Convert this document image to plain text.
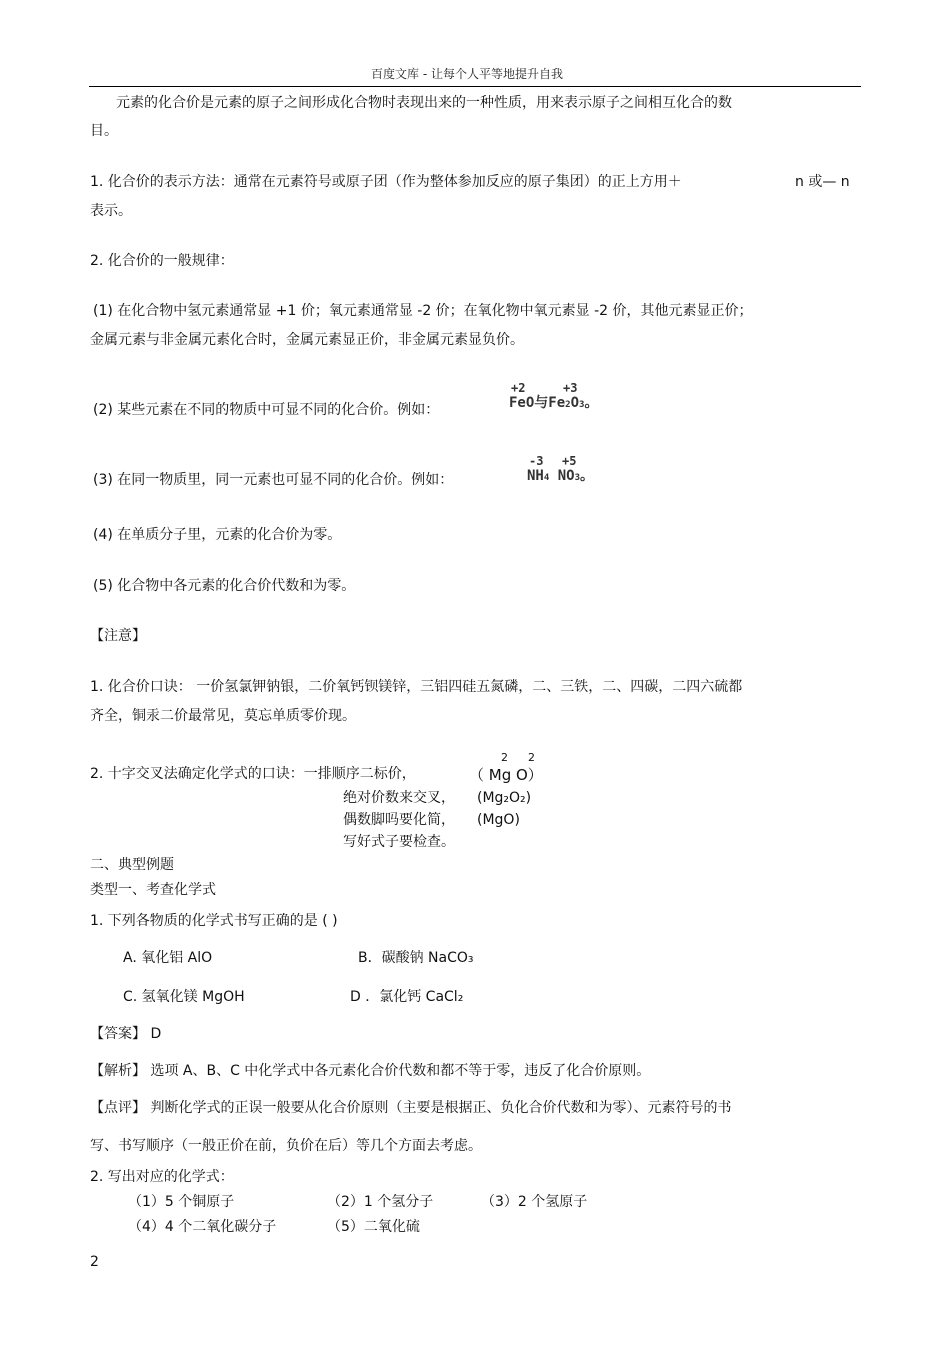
百度文库 - 让每个人平等地提升自我
元素的化合价是元素的原子之间形成化合物时表现出来的一种性质，用来表示原子之间相互化合的数
目。
1. 化合价的表示方法：通常在元素符号或原子团（作为整体参加反应的原子集团）的正上方用＋	n 或— n
表示。
2. 化合价的一般规律：
(1) 在化合物中氢元素通常显 +1 价；氧元素通常显 -2 价；在氧化物中氧元素显 -2 价，其他元素显正价；
金属元素与非金属元素化合时，金属元素显正价，非金属元素显负价。
(2) 某些元素在不同的物质中可显不同的化合价。例如：
+2	+3
FeO与Fe2O3。
(3) 在同一物质里，同一元素也可显不同的化合价。例如：
-3 +5
NH4 NO3。
(4) 在单质分子里，元素的化合价为零。
(5) 化合物中各元素的化合价代数和为零。
【注意】
1. 化合价口诀： 一价氢氯钾钠银，二价氧钙钡镁锌，三铝四硅五氮磷，二、三铁，二、四碳，二四六硫都
齐全，铜汞二价最常见，莫忘单质零价现。
2. 十字交叉法确定化学式的口诀：一排顺序二标价，
2 2
（ Mg O）
绝对价数来交叉， (Mg₂O₂)
偶数脚吗要化简， (MgO)
写好式子要检查。
二、典型例题
类型一、考查化学式
1. 下列各物质的化学式书写正确的是 ( )
A. 氧化铝 AlO	B．碳酸钠 NaCO₃
C. 氢氧化镁 MgOH	D ．氯化钙 CaCl₂
【答案】 D
【解析】 选项 A、B、C 中化学式中各元素化合价代数和都不等于零，违反了化合价原则。
【点评】 判断化学式的正误一般要从化合价原则（主要是根据正、负化合价代数和为零）、元素符号的书
写、书写顺序（一般正价在前，负价在后）等几个方面去考虑。
2. 写出对应的化学式：
（1）5 个铜原子	（2）1 个氢分子	（3）2 个氢原子
（4）4 个二氧化碳分子	（5）二氧化硫
2
